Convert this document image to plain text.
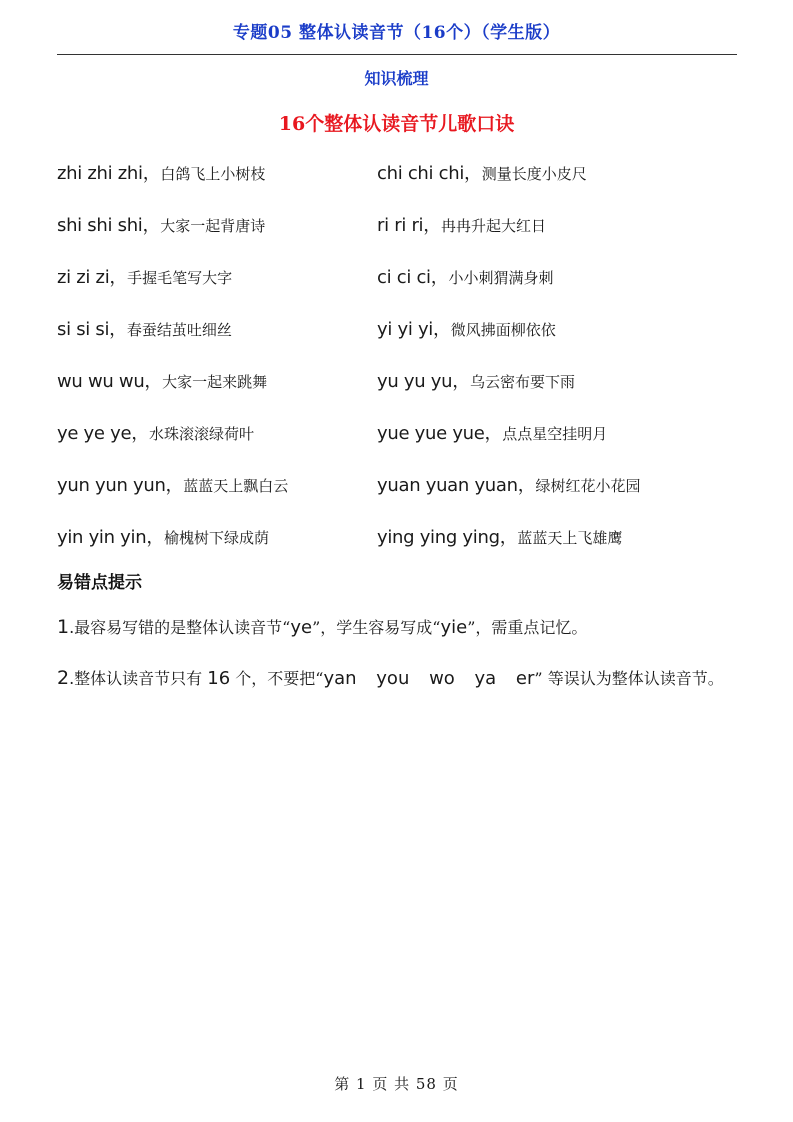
专题05 整体认读音节（16个）（学生版）
知识梳理
16个整体认读音节儿歌口诀
zhi zhi zhi，白鸽飞上小树枝	chi chi chi，测量长度小皮尺
shi shi shi，大家一起背唐诗	ri ri ri，冉冉升起大红日
zi zi zi，手握毛笔写大字	ci ci ci，小小刺猬满身刺
si si si，春蚕结茧吐细丝	yi yi yi，微风拂面柳依依
wu wu wu，大家一起来跳舞	yu yu yu，乌云密布要下雨
ye ye ye，水珠滚滚绿荷叶	yue yue yue，点点星空挂明月
yun yun yun，蓝蓝天上飘白云	yuan yuan yuan，绿树红花小花园
yin yin yin，榆槐树下绿成荫	ying ying ying，蓝蓝天上飞雄鹰
易错点提示
1.最容易写错的是整体认读音节“ye”，学生容易写成“yie”，需重点记忆。
2.整体认读音节只有 16 个，不要把“yan you wo ya er” 等误认为整体认读音节。
第 1 页 共 58 页
